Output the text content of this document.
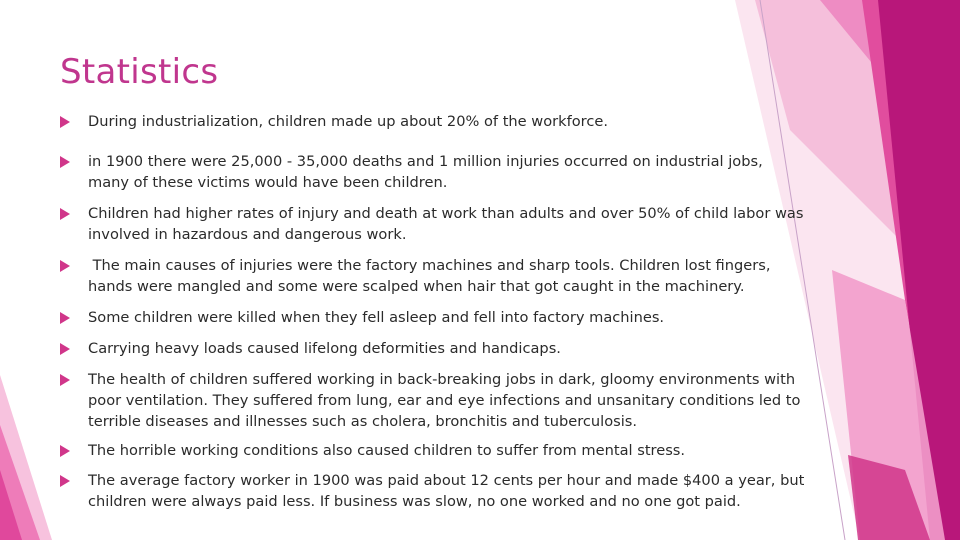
Statistics
During industrialization, children made up about 20% of the workforce.
in 1900 there were 25,000 - 35,000 deaths and 1 million injuries occurred on industrial jobs, many of these victims would have been children.
Children had higher rates of injury and death at work than adults and over 50% of child labor was involved in hazardous and dangerous work.
The main causes of injuries were the factory machines and sharp tools. Children lost fingers, hands were mangled and some were scalped when hair that got caught in the machinery.
Some children were killed when they fell asleep and fell into factory machines.
Carrying heavy loads caused lifelong deformities and handicaps.
The health of children suffered working in back-breaking jobs in dark, gloomy environments with poor ventilation. They suffered from lung, ear and eye infections and unsanitary conditions led to terrible diseases and illnesses such as cholera, bronchitis and tuberculosis.
The horrible working conditions also caused children to suffer from mental stress.
The average factory worker in 1900 was paid about 12 cents per hour and made $400 a year, but children were always paid less. If business was slow, no one worked and no one got paid.
